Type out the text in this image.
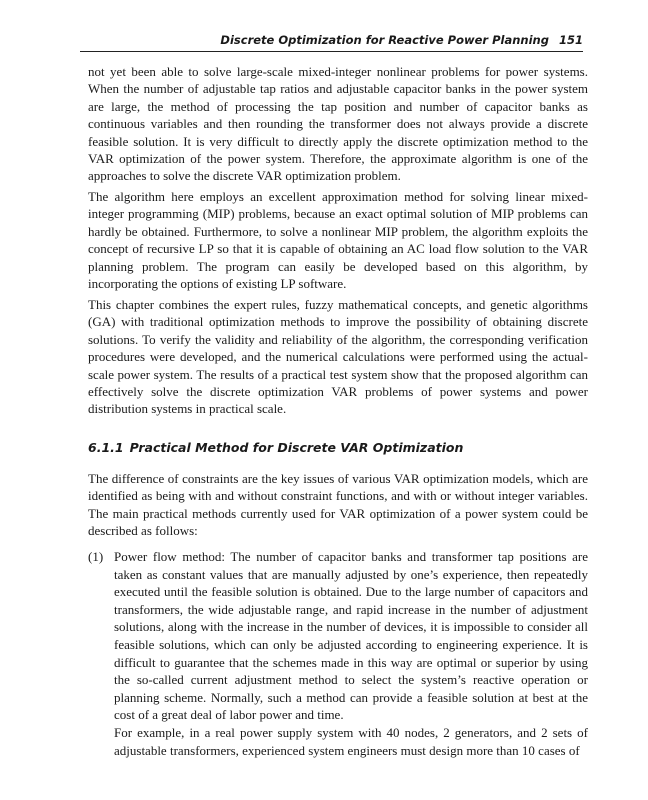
Discrete Optimization for Reactive Power Planning 151

not yet been able to solve large-scale mixed-integer nonlinear problems for power systems. When the number of adjustable tap ratios and adjustable capacitor banks in the power system are large, the method of processing the tap position and number of capacitor banks as continuous variables and then rounding the transformer does not always provide a discrete feasible solution. It is very difficult to directly apply the discrete optimization method to the VAR optimization of the power system. Therefore, the approximate algorithm is one of the approaches to solve the discrete VAR optimization problem.

The algorithm here employs an excellent approximation method for solving linear mixed-integer programming (MIP) problems, because an exact optimal solution of MIP problems can hardly be obtained. Furthermore, to solve a nonlinear MIP problem, the algorithm exploits the concept of recursive LP so that it is capable of obtaining an AC load flow solution to the VAR planning problem. The program can easily be developed based on this algorithm, by incorporating the options of existing LP software.

This chapter combines the expert rules, fuzzy mathematical concepts, and genetic algorithms (GA) with traditional optimization methods to improve the possibility of obtaining discrete solutions. To verify the validity and reliability of the algorithm, the corresponding verification procedures were developed, and the numerical calculations were performed using the actual-scale power system. The results of a practical test system show that the proposed algorithm can effectively solve the discrete optimization VAR problems of power systems and power distribution systems in practical scale.

6.1.1 Practical Method for Discrete VAR Optimization

The difference of constraints are the key issues of various VAR optimization models, which are identified as being with and without constraint functions, and with or without integer variables. The main practical methods currently used for VAR optimization of a power system could be described as follows:

(1) Power flow method: The number of capacitor banks and transformer tap positions are taken as constant values that are manually adjusted by one’s experience, then repeatedly executed until the feasible solution is obtained. Due to the large number of capacitors and transformers, the wide adjustable range, and rapid increase in the number of adjustment solutions, along with the increase in the number of devices, it is impossible to consider all feasible solutions, which can only be adjusted according to engineering experience. It is difficult to guarantee that the schemes made in this way are optimal or superior by using the so-called current adjustment method to select the system’s reactive operation or planning scheme. Normally, such a method can provide a feasible solution at best at the cost of a great deal of labor power and time.
For example, in a real power supply system with 40 nodes, 2 generators, and 2 sets of adjustable transformers, experienced system engineers must design more than 10 cases of
